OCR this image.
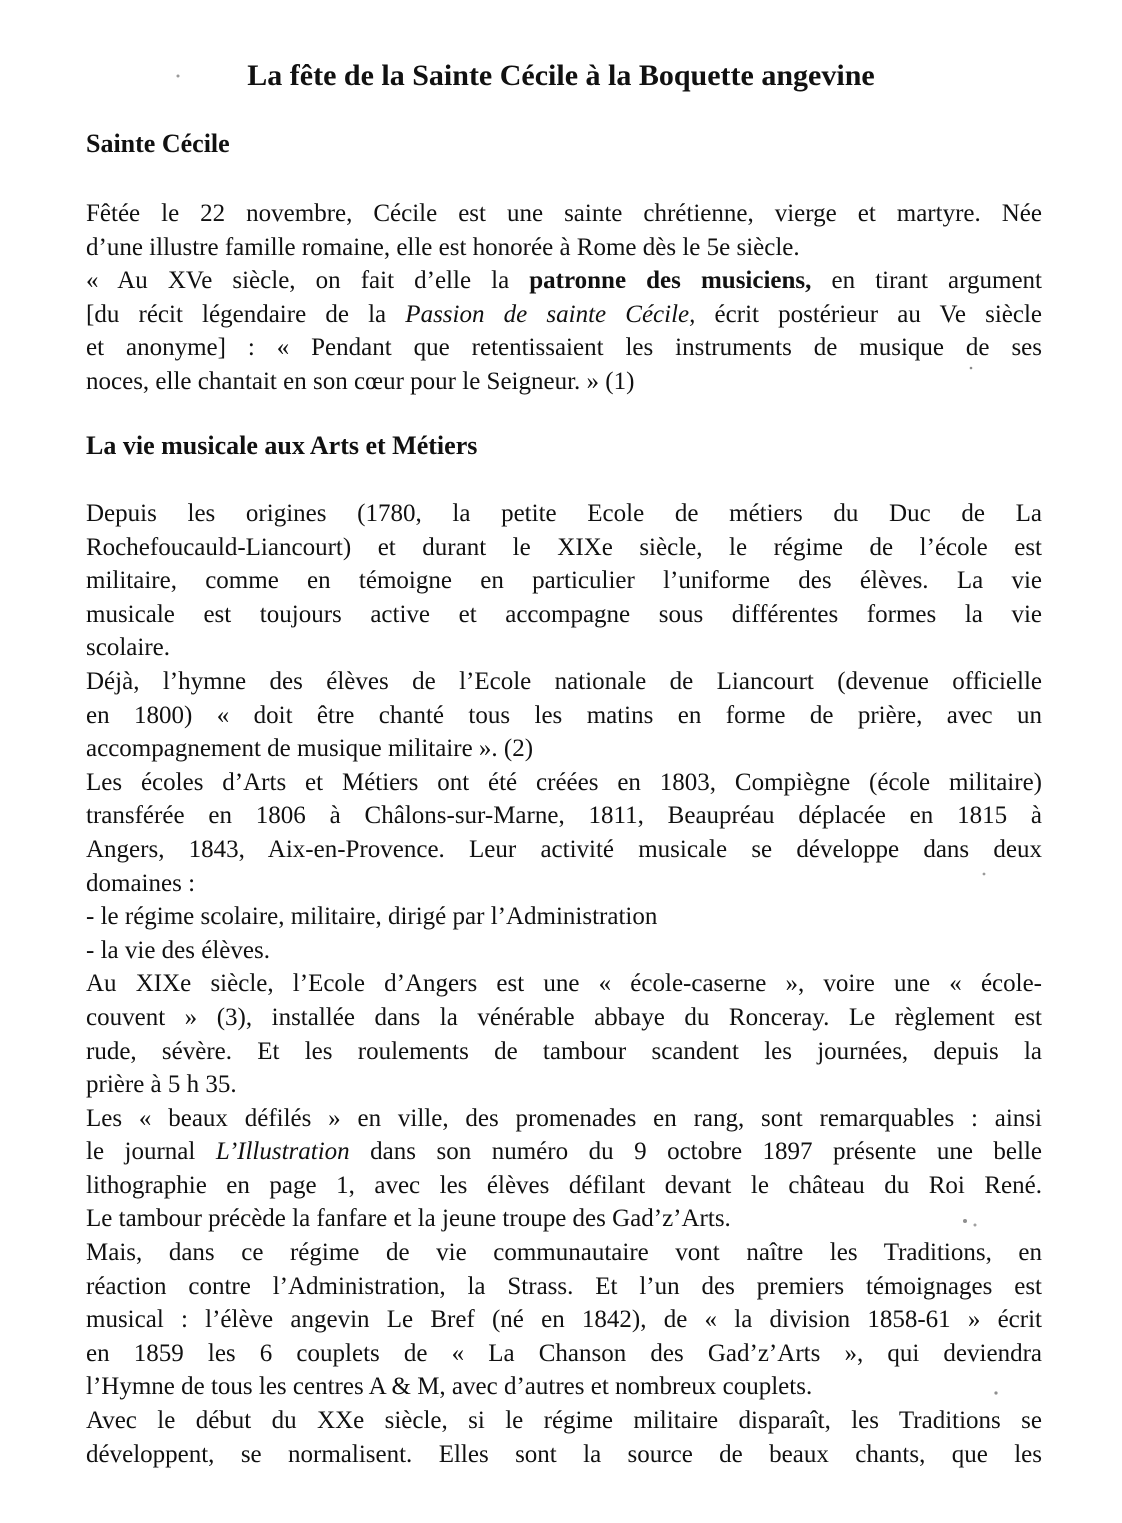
La fête de la Sainte Cécile à la Boquette angevine
Sainte Cécile
Fêtée le 22 novembre, Cécile est une sainte chrétienne, vierge et martyre. Née
d’une illustre famille romaine, elle est honorée à Rome dès le 5e siècle.
« Au XVe siècle, on fait d’elle la patronne des musiciens, en tirant argument
[du récit légendaire de la Passion de sainte Cécile, écrit postérieur au Ve siècle
et anonyme] : « Pendant que retentissaient les instruments de musique de ses
noces, elle chantait en son cœur pour le Seigneur. » (1)
La vie musicale aux Arts et Métiers
Depuis les origines (1780, la petite Ecole de métiers du Duc de La
Rochefoucauld-Liancourt) et durant le XIXe siècle, le régime de l’école est
militaire, comme en témoigne en particulier l’uniforme des élèves. La vie
musicale est toujours active et accompagne sous différentes formes la vie
scolaire.
Déjà, l’hymne des élèves de l’Ecole nationale de Liancourt (devenue officielle
en 1800) « doit être chanté tous les matins en forme de prière, avec un
accompagnement de musique militaire ». (2)
Les écoles d’Arts et Métiers ont été créées en 1803, Compiègne (école militaire)
transférée en 1806 à Châlons-sur-Marne, 1811, Beaupréau déplacée en 1815 à
Angers, 1843, Aix-en-Provence. Leur activité musicale se développe dans deux
domaines :
- le régime scolaire, militaire, dirigé par l’Administration
- la vie des élèves.
Au XIXe siècle, l’Ecole d’Angers est une « école-caserne », voire une « école-
couvent » (3), installée dans la vénérable abbaye du Ronceray. Le règlement est
rude, sévère. Et les roulements de tambour scandent les journées, depuis la
prière à 5 h 35.
Les « beaux défilés » en ville, des promenades en rang, sont remarquables : ainsi
le journal L’Illustration dans son numéro du 9 octobre 1897 présente une belle
lithographie en page 1, avec les élèves défilant devant le château du Roi René.
Le tambour précède la fanfare et la jeune troupe des Gad’z’Arts.
Mais, dans ce régime de vie communautaire vont naître les Traditions, en
réaction contre l’Administration, la Strass. Et l’un des premiers témoignages est
musical : l’élève angevin Le Bref (né en 1842), de « la division 1858-61 » écrit
en 1859 les 6 couplets de « La Chanson des Gad’z’Arts », qui deviendra
l’Hymne de tous les centres A & M, avec d’autres et nombreux couplets.
Avec le début du XXe siècle, si le régime militaire disparaît, les Traditions se
développent, se normalisent. Elles sont la source de beaux chants, que les
